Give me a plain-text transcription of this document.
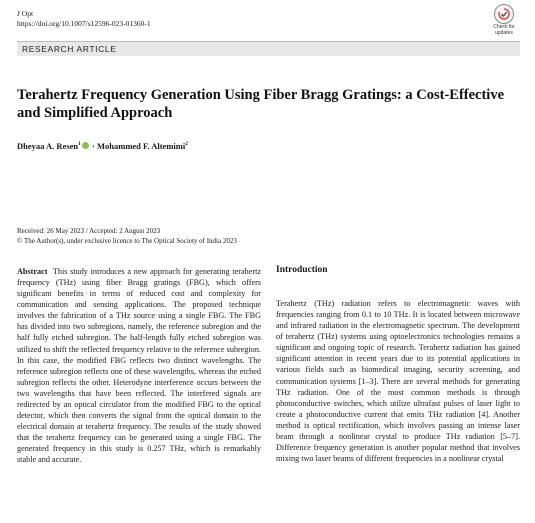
J Opt
https://doi.org/10.1007/s12596-023-01360-1	Check for
updates
RESEARCH ARTICLE
Terahertz Frequency Generation Using Fiber Bragg Gratings: a Cost-Effective and Simplified Approach
Dheyaa A. Resen$^1$ · Mohammed F. Altemimi$^2$
Received: 26 May 2023 / Accepted: 2 August 2023
© The Author(s), under exclusive licence to The Optical Society of India 2023

Abstract This study introduces a new approach for generating terahertz frequency (THz) using fiber Bragg gratings (FBG), which offers significant benefits in terms of reduced cost and complexity for communication and sensing applications. The proposed technique involves the fabrication of a THz source using a single FBG. The FBG has divided into two subregions, namely, the reference subregion and the half fully etched subregion. The half-length fully etched subregion was utilized to shift the reflected frequency relative to the reference subregion. In this case, the modified FBG reflects two distinct wavelengths. The reference subregion reflects one of these wavelengths, whereas the etched subregion reflects the other. Heterodyne interference occurs between the two wavelengths that have been reflected. The interfered signals are redirected by an optical circulator from the modified FBG to the optical detector, which then converts the signal from the optical domain to the electrical domain at terahertz frequency. The results of the study showed that the terahertz frequency can be generated using a single FBG. The generated frequency in this study is 0.257 THz, which is remarkably stable and accurate.

Introduction

Terahertz (THz) radiation refers to electromagnetic waves with frequencies ranging from 0.1 to 10 THz. It is located between microwave and infrared radiation in the electromagnetic spectrum. The development of terahertz (THz) systems using optoelectronics technologies remains a significant and ongoing topic of research. Terahertz radiation has gained significant attention in recent years due to its potential applications in various fields such as biomedical imaging, security screening, and communication systems [1–3]. There are several methods for generating THz radiation. One of the most common methods is through photoconductive switches, which utilize ultrafast pulses of laser light to create a photoconductive current that emits THz radiation [4]. Another method is optical rectification, which involves passing an intense laser beam through a nonlinear crystal to produce THz radiation [5–7]. Difference frequency generation is another popular method that involves mixing two laser beams of different frequencies in a nonlinear crystal
